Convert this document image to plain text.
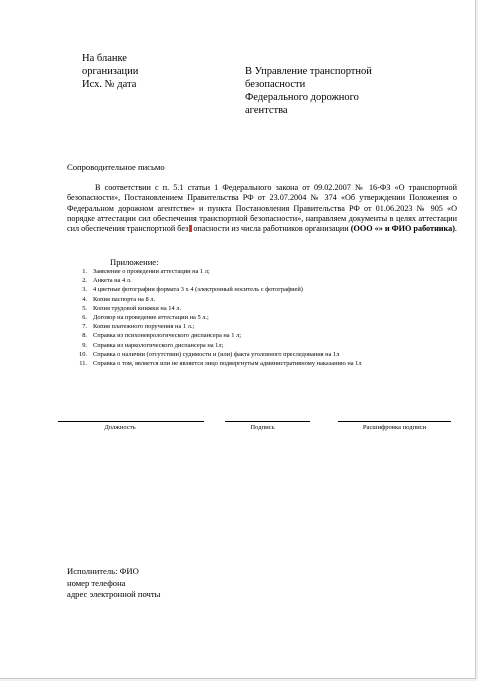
На бланке
организации
Исх. № дата
В Управление транспортной
безопасности
Федерального дорожного
агентства
Сопроводительное письмо
В соответствии с п. 5.1 статьи 1 Федерального закона от 09.02.2007 № 16-ФЗ «О транспортной безопасности», Постановлением Правительства РФ от 23.07.2004 № 374 «Об утверждении Положения о Федеральном дорожном агентстве» и пункта Постановления Правительства РФ от 01.06.2023 № 905 «О порядке аттестации сил обеспечения транспортной безопасности», направляем документы в целях аттестации сил обеспечения транспортной без опасности из числа работников организации (ООО «» и ФИО работника).
Приложение:
1. Заявление о проведении аттестации на 1 л;
2. Анкета на 4 л.
3. 4 цветные фотографии формата 3 x 4 (электронный носитель с фотографией)
4. Копия паспорта на 8 л.
5. Копия трудовой книжки на 14 л.
6. Договор на проведение аттестации на 5 л.;
7. Копия платежного поручения на 1 л.;
8. Справка из психоневрологического диспансера на 1 л;
9. Справка из наркологического диспансера на 1л;
10. Справка о наличии (отсутствии) судимости и (или) факта уголовного преследования на 1л
11. Справка о том, является или не является лицо подвергнутым административному наказанию на 1л
Должность	Подпись	Расшифровка подписи
Исполнитель: ФИО
номер телефона
адрес электронной почты
